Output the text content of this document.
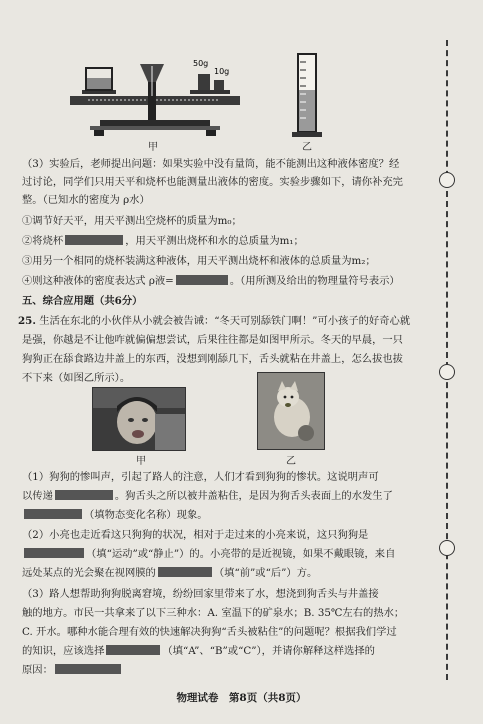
50g
10g
甲	乙
（3）实验后，老师提出问题：如果实验中没有量筒，能不能测出这种液体密度？经
过讨论，同学们只用天平和烧杯也能测量出液体的密度。实验步骤如下，请你补充完
整。（已知水的密度为 ρ水）
①调节好天平，用天平测出空烧杯的质量为m₀；
②将烧杯	，用天平测出烧杯和水的总质量为m₁；
③用另一个相同的烧杯装满这种液体，用天平测出烧杯和液体的总质量为m₂；
④则这种液体的密度表达式 ρ液=	。（用所测及给出的物理量符号表示）
五、综合应用题（共6分）
25. 生活在东北的小伙伴从小就会被告诫：“冬天可别舔铁门啊！”可小孩子的好奇心就
是强，你越是不让他咋就偏偏想尝试，后果往往都是如图甲所示。冬天的早晨，一只
狗狗正在舔食路边井盖上的东西，没想到刚舔几下，舌头就粘在井盖上，怎么拔也拔
不下来（如图乙所示）。
甲	乙
（1）狗狗的惨叫声，引起了路人的注意，人们才看到狗狗的惨状。这说明声可
以传递	。狗舌头之所以被井盖粘住，是因为狗舌头表面上的水发生了
（填物态变化名称）现象。
（2）小亮也走近看这只狗狗的状况，相对于走过来的小亮来说，这只狗狗是
（填“运动”或“静止”）的。小亮带的是近视镜，如果不戴眼镜，来自
远处某点的光会聚在视网膜的	（填“前”或“后”）方。
（3）路人想帮助狗狗脱离窘境，纷纷回家里带来了水，想浇到狗舌头与井盖接
触的地方。市民一共拿来了以下三种水：A. 室温下的矿泉水；B. 35℃左右的热水；
C. 开水。哪种水能合理有效的快速解决狗狗“舌头被粘住”的问题呢？根据我们学过
的知识，应该选择	（填“A”、“B”或“C”），并请你解释这样选择的
原因：
物理试卷　第8页（共8页）
